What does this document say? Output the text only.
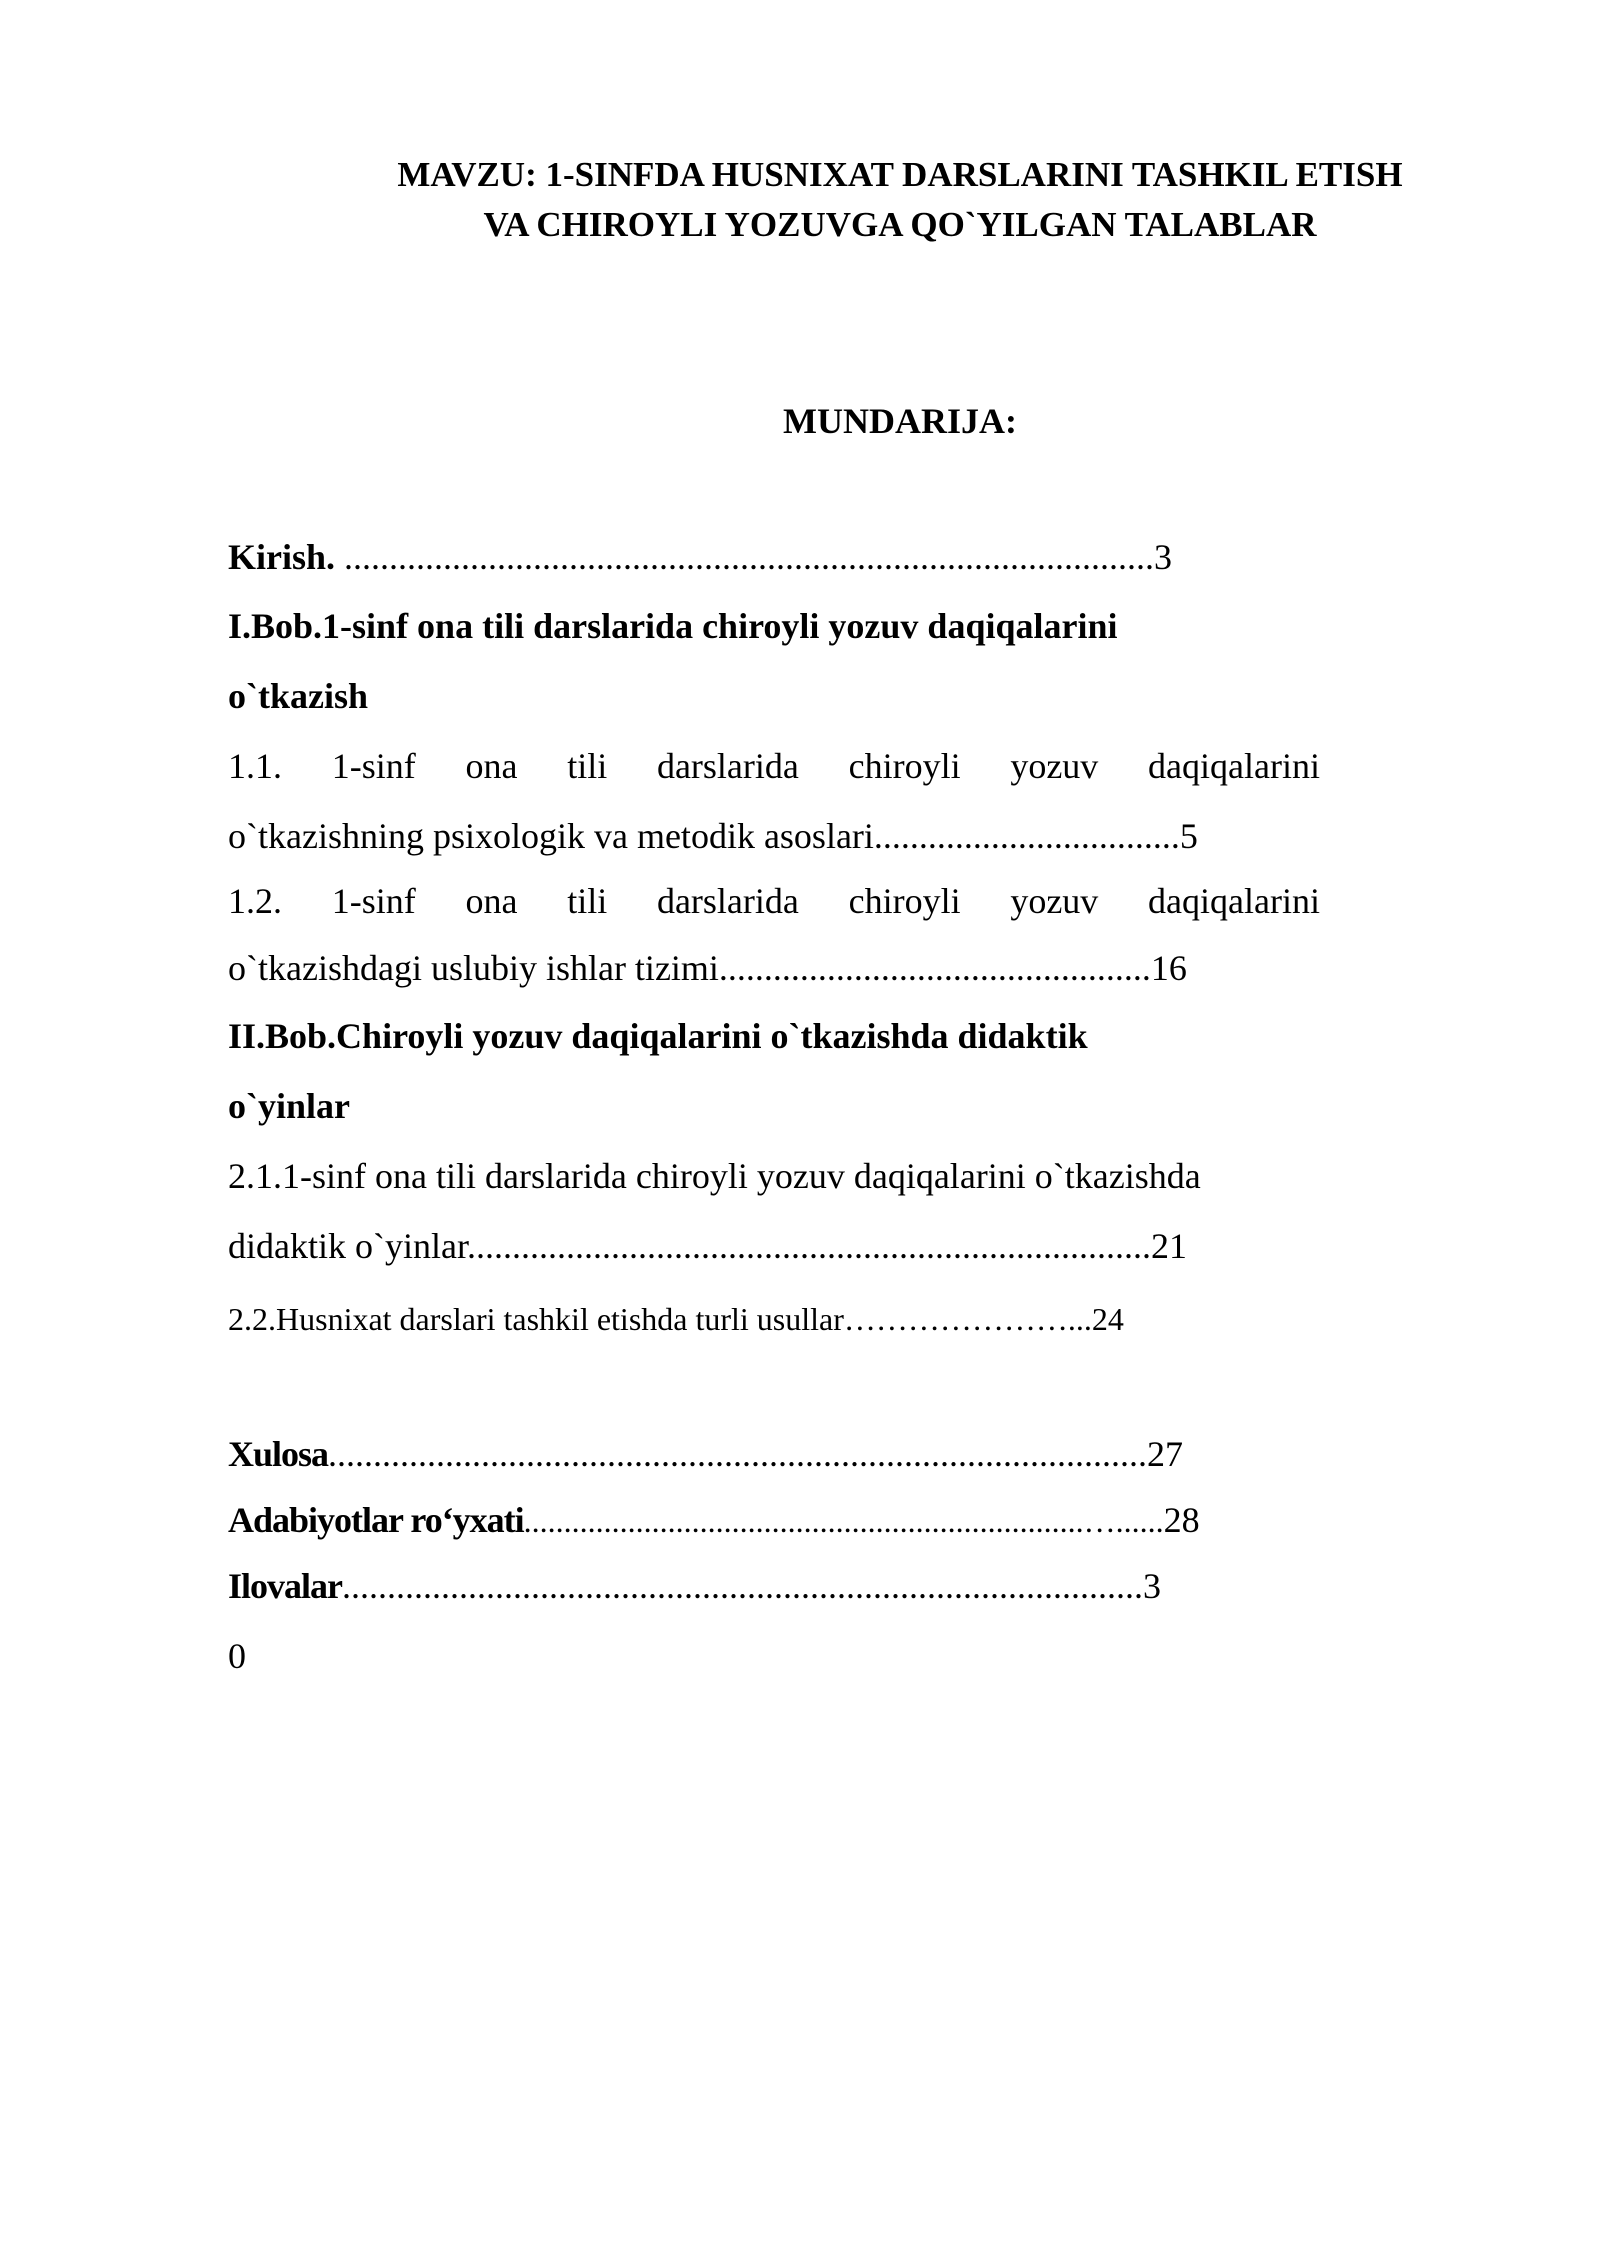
MAVZU: 1-SINFDA HUSNIXAT DARSLARINI TASHKIL ETISH
VA CHIROYLI YOZUVGA QO`YILGAN TALABLAR
MUNDARIJA:
Kirish. ..........................................................................................3
I.Bob.1-sinf ona tili darslarida chiroyli yozuv daqiqalarini
o`tkazish
1.1. 1-sinf ona tili darslarida chiroyli yozuv daqiqalarini
o`tkazishning psixologik va metodik asoslari..................................5
1.2. 1-sinf ona tili darslarida chiroyli yozuv daqiqalarini
o`tkazishdagi uslubiy ishlar tizimi................................................16
II.Bob.Chiroyli yozuv daqiqalarini o`tkazishda didaktik
o`yinlar
2.1.1-sinf ona tili darslarida chiroyli yozuv daqiqalarini o`tkazishda
didaktik o`yinlar............................................................................21
2.2.Husnixat darslari tashkil etishda turli usullar…………………...24
Xulosa...........................................................................................27
Adabiyotlar ro‘yxati......................................................................…......28
Ilovalar.........................................................................................3
0
